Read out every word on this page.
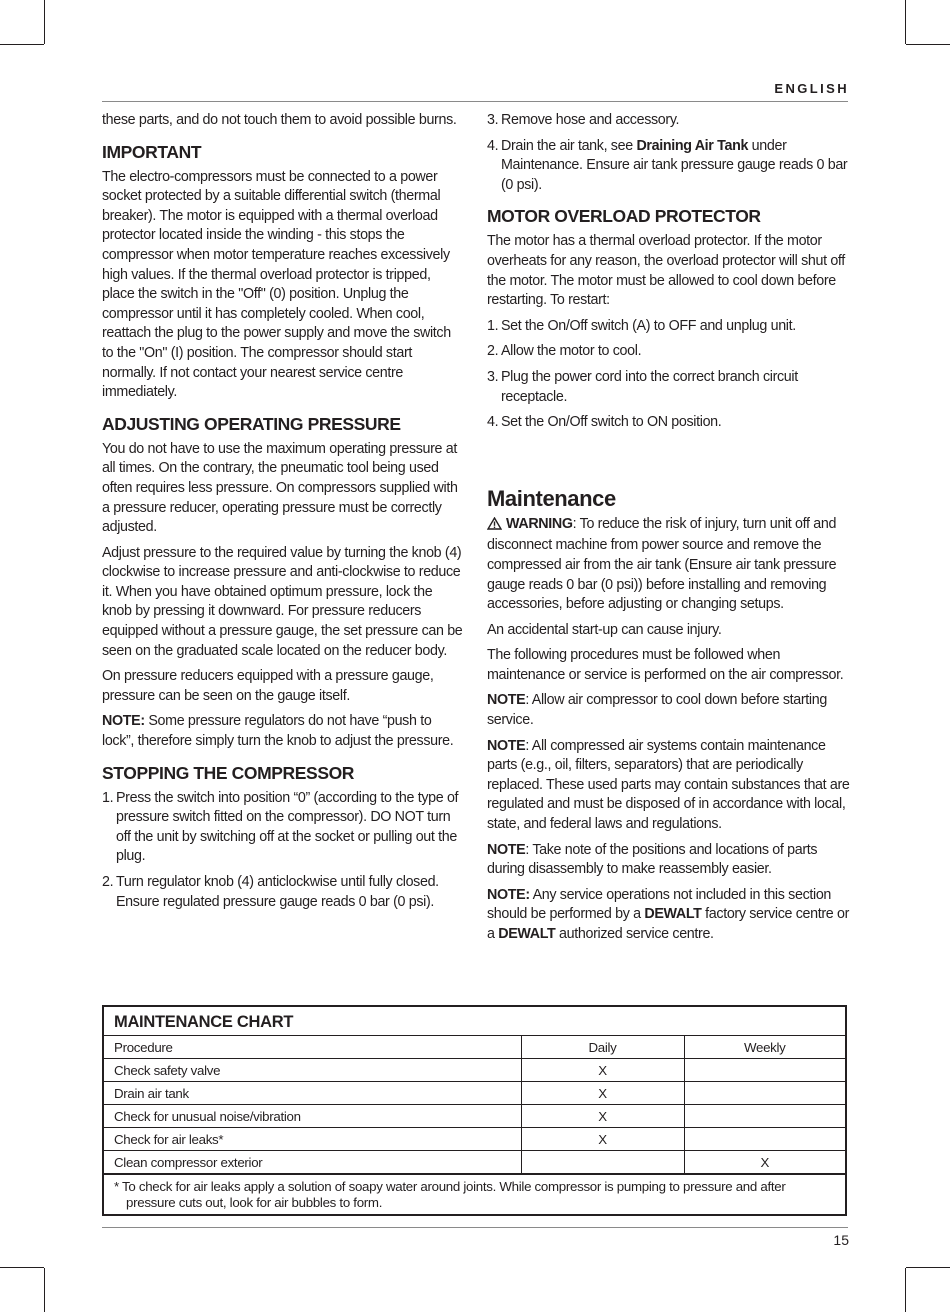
ENGLISH

these parts, and do not touch them to avoid possible burns.

IMPORTANT

The electro-compressors must be connected to a power socket protected by a suitable differential switch (thermal breaker). The motor is equipped with a thermal overload protector located inside the winding - this stops the compressor when motor temperature reaches excessively high values. If the thermal overload protector is tripped, place the switch in the "Off" (0) position. Unplug the compressor until it has completely cooled. When cool, reattach the plug to the power supply and move the switch to the "On" (I) position. The compressor should start normally. If not contact your nearest service centre immediately.

ADJUSTING OPERATING PRESSURE

You do not have to use the maximum operating pressure at all times. On the contrary, the pneumatic tool being used often requires less pressure. On compressors supplied with a pressure reducer, operating pressure must be correctly adjusted.

Adjust pressure to the required value by turning the knob (4) clockwise to increase pressure and anti-clockwise to reduce it. When you have obtained optimum pressure, lock the knob by pressing it downward. For pressure reducers equipped without a pressure gauge, the set pressure can be seen on the graduated scale located on the reducer body.

On pressure reducers equipped with a pressure gauge, pressure can be seen on the gauge itself.

NOTE: Some pressure regulators do not have “push to lock”, therefore simply turn the knob to adjust the pressure.

STOPPING THE COMPRESSOR
1. Press the switch into position “0” (according to the type of pressure switch fitted on the compressor). DO NOT turn off the unit by switching off at the socket or pulling out the plug.
2. Turn regulator knob (4) anticlockwise until fully closed. Ensure regulated pressure gauge reads 0 bar (0 psi).
3. Remove hose and accessory.
4. Drain the air tank, see Draining Air Tank under Maintenance. Ensure air tank pressure gauge reads 0 bar (0 psi).
MOTOR OVERLOAD PROTECTOR

The motor has a thermal overload protector. If the motor overheats for any reason, the overload protector will shut off the motor. The motor must be allowed to cool down before restarting. To restart:

1. Set the On/Off switch (A) to OFF and unplug unit.
2. Allow the motor to cool.
3. Plug the power cord into the correct branch circuit receptacle.
4. Set the On/Off switch to ON position.
Maintenance

WARNING: To reduce the risk of injury, turn unit off and disconnect machine from power source and remove the compressed air from the air tank (Ensure air tank pressure gauge reads 0 bar (0 psi)) before installing and removing accessories, before adjusting or changing setups.

An accidental start-up can cause injury.

The following procedures must be followed when maintenance or service is performed on the air compressor.

NOTE: Allow air compressor to cool down before starting service.

NOTE: All compressed air systems contain maintenance parts (e.g., oil, filters, separators) that are periodically replaced. These used parts may contain substances that are regulated and must be disposed of in accordance with local, state, and federal laws and regulations.

NOTE: Take note of the positions and locations of parts during disassembly to make reassembly easier.

NOTE: Any service operations not included in this section should be performed by a DEWALT factory service centre or a DEWALT authorized service centre.

MAINTENANCE CHART
Procedure	Daily	Weekly
Check safety valve	X	
Drain air tank	X	
Check for unusual noise/vibration	X	
Check for air leaks*	X	
Clean compressor exterior		X
* To check for air leaks apply a solution of soapy water around joints. While compressor is pumping to pressure and after pressure cuts out, look for air bubbles to form.
15
